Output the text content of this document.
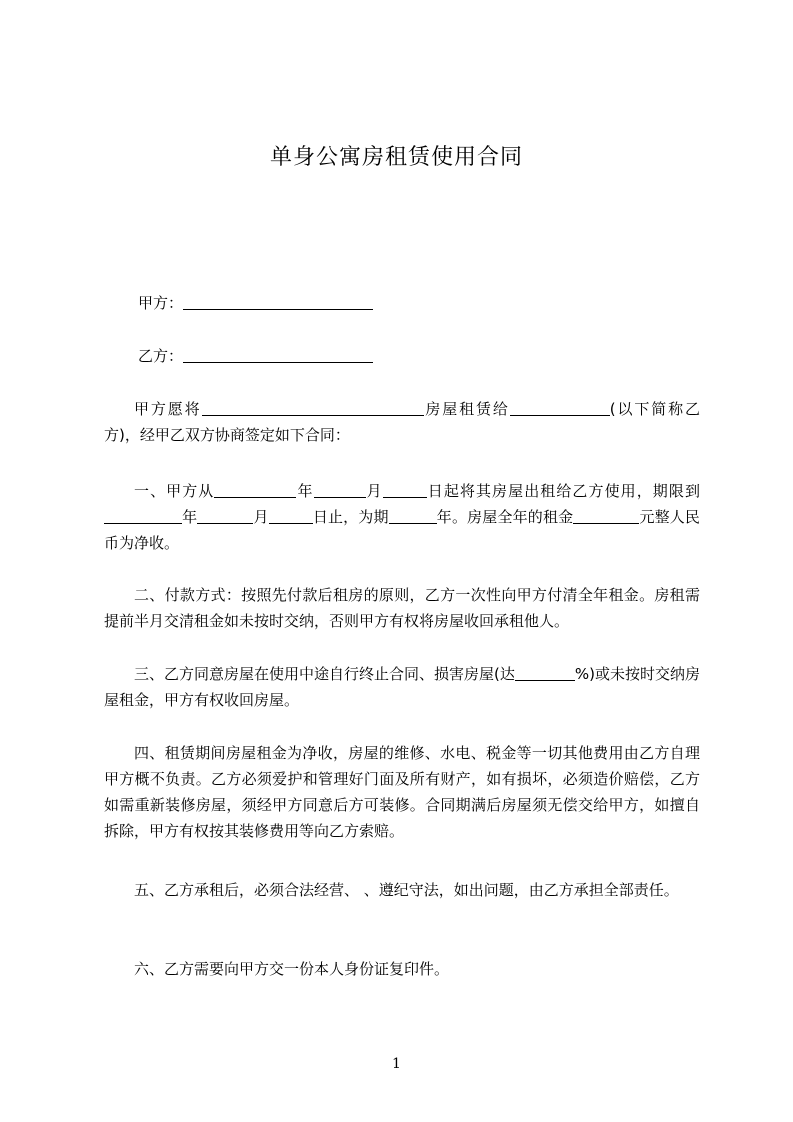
单身公寓房租赁使用合同
甲方：
乙方：
甲方愿将	房屋租赁给	(以下简称乙方)，经甲乙双方协商签定如下合同：
一、甲方从	年	月	日起将其房屋出租给乙方使用，期限到年	月	日止，为期	年。房屋全年的租金	元整人民币为净收。
二、付款方式：按照先付款后租房的原则，乙方一次性向甲方付清全年租金。房租需提前半月交清租金如未按时交纳，否则甲方有权将房屋收回承租他人。
三、乙方同意房屋在使用中途自行终止合同、损害房屋(达	%)或未按时交纳房屋租金，甲方有权收回房屋。
四、租赁期间房屋租金为净收，房屋的维修、水电、税金等一切其他费用由乙方自理甲方概不负责。乙方必须爱护和管理好门面及所有财产，如有损坏，必须造价赔偿，乙方如需重新装修房屋，须经甲方同意后方可装修。合同期满后房屋须无偿交给甲方，如擅自拆除，甲方有权按其装修费用等向乙方索赔。
五、乙方承租后，必须合法经营、 、遵纪守法，如出问题，由乙方承担全部责任。
六、乙方需要向甲方交一份本人身份证复印件。
1
